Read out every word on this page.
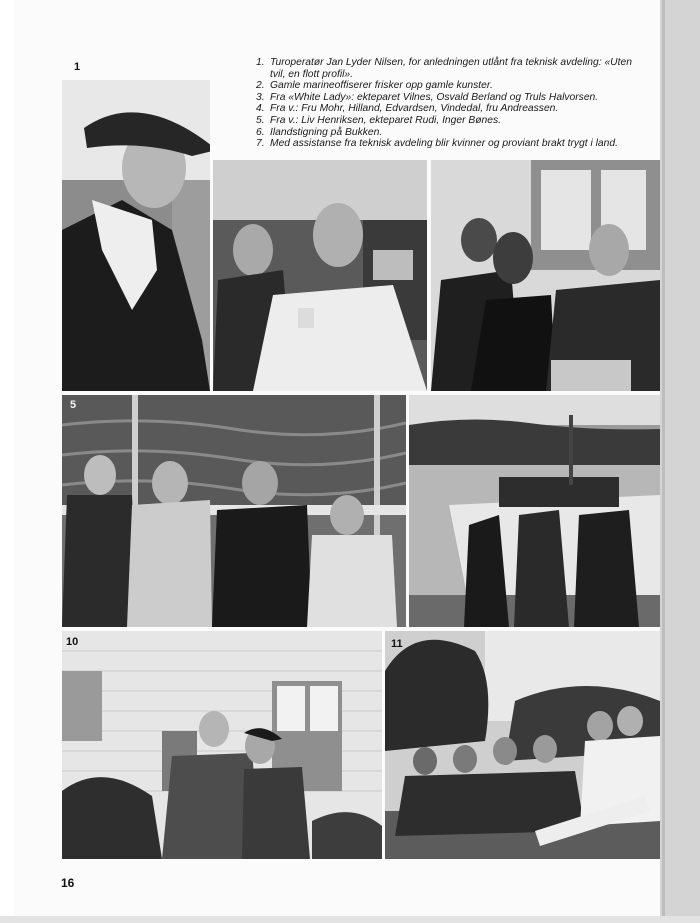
1	1. Turoperatør Jan Lyder Nilsen, for anledningen utlånt fra teknisk avdeling: «Uten tvil, en flott profil».
2. Gamle marineoffiserer frisker opp gamle kunster.
3. Fra «White Lady»: ekteparet Vilnes, Osvald Berland og Truls Halvorsen.
4. Fra v.: Fru Mohr, Hilland, Edvardsen, Vindedal, fru Andreassen.
5. Fra v.: Liv Henriksen, ekteparet Rudi, Inger Bønes.
6. Ilandstigning på Bukken.
7. Med assistanse fra teknisk avdeling blir kvinner og proviant brakt trygt i land.
5
10	11
16
